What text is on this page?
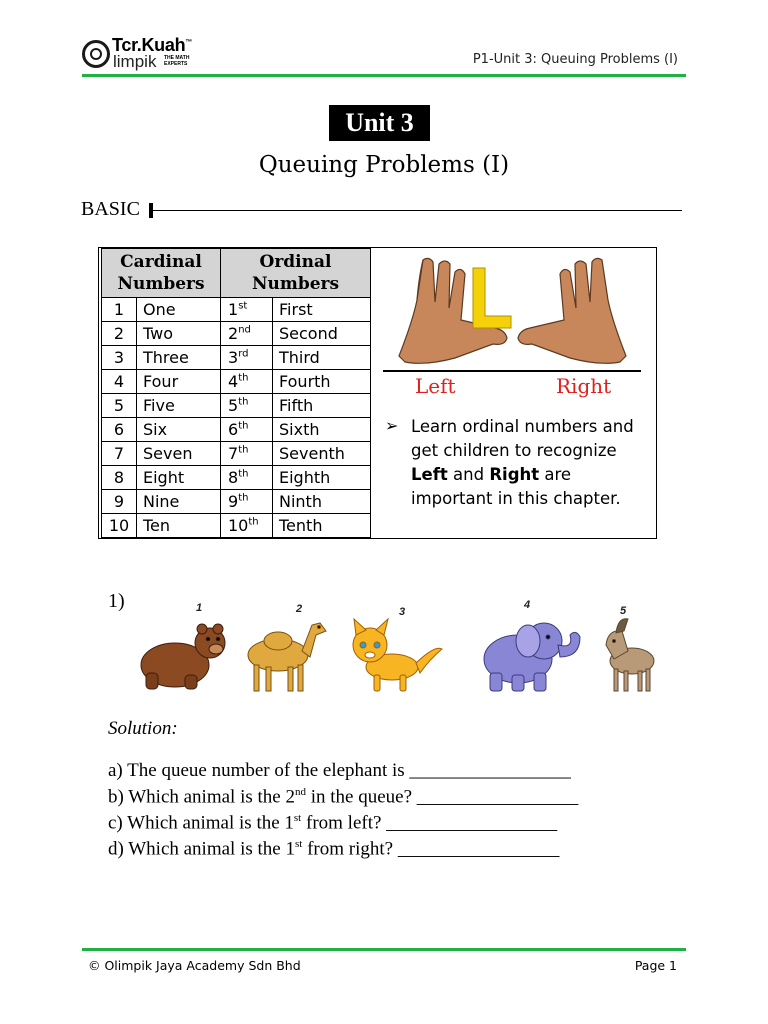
Tcr.Kuah™
limpik THE MATH EXPERTS	P1-Unit 3: Queuing Problems (I)
Unit 3
Queuing Problems (I)
BASIC
Cardinal Numbers		Ordinal Numbers	
1	One	1st	First
2	Two	2nd	Second
3	Three	3rd	Third
4	Four	4th	Fourth
5	Five	5th	Fifth
6	Six	6th	Sixth
7	Seven	7th	Seventh
8	Eight	8th	Eighth
9	Nine	9th	Ninth
10	Ten	10th	Tenth
Left	Right
➢ Learn ordinal numbers and get children to recognize Left and Right are important in this chapter.
1)	1	2	3
4	5
Solution:
a) The queue number of the elephant is _________________
b) Which animal is the 2nd in the queue? _________________
c) Which animal is the 1st from left? __________________
d) Which animal is the 1st from right? _________________
© Olimpik Jaya Academy Sdn Bhd	Page 1
